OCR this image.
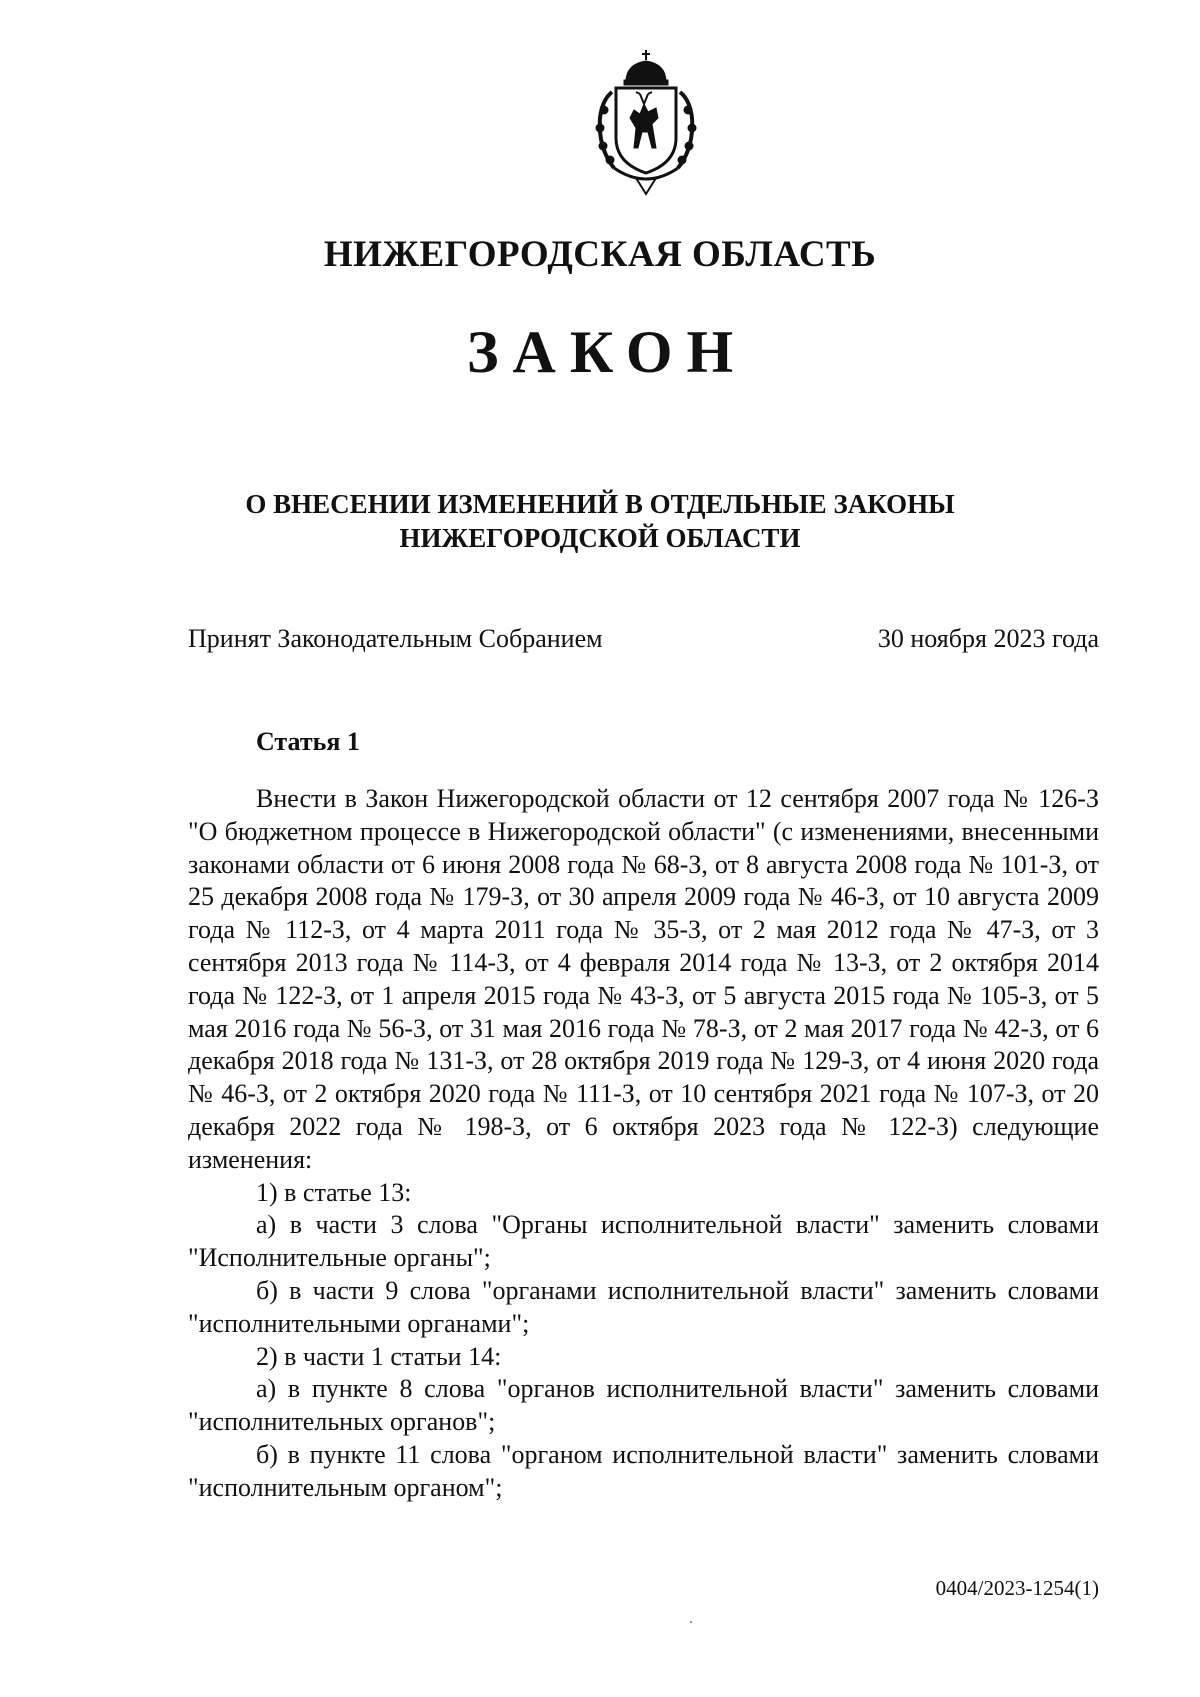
НИЖЕГОРОДСКАЯ ОБЛАСТЬ
ЗАКОН
О ВНЕСЕНИИ ИЗМЕНЕНИЙ В ОТДЕЛЬНЫЕ ЗАКОНЫ
НИЖЕГОРОДСКОЙ ОБЛАСТИ
Принят Законодательным Собранием	30 ноября 2023 года
Статья 1

Внести в Закон Нижегородской области от 12 сентября 2007 года № 126-З "О бюджетном процессе в Нижегородской области" (с изменениями, внесенными законами области от 6 июня 2008 года № 68-З, от 8 августа 2008 года № 101-З, от 25 декабря 2008 года № 179-З, от 30 апреля 2009 года № 46-З, от 10 августа 2009 года № 112-З, от 4 марта 2011 года № 35-З, от 2 мая 2012 года № 47-З, от 3 сентября 2013 года № 114-З, от 4 февраля 2014 года № 13-З, от 2 октября 2014 года № 122-З, от 1 апреля 2015 года № 43-З, от 5 августа 2015 года № 105-З, от 5 мая 2016 года № 56-З, от 31 мая 2016 года № 78-З, от 2 мая 2017 года № 42-З, от 6 декабря 2018 года № 131-З, от 28 октября 2019 года № 129-З, от 4 июня 2020 года № 46-З, от 2 октября 2020 года № 111-З, от 10 сентября 2021 года № 107-З, от 20 декабря 2022 года № 198-З, от 6 октября 2023 года № 122-З) следующие изменения:

1) в статье 13:

а) в части 3 слова "Органы исполнительной власти" заменить словами "Исполнительные органы";

б) в части 9 слова "органами исполнительной власти" заменить словами "исполнительными органами";

2) в части 1 статьи 14:

а) в пункте 8 слова "органов исполнительной власти" заменить словами "исполнительных органов";

б) в пункте 11 слова "органом исполнительной власти" заменить словами "исполнительным органом";

0404/2023-1254(1)
